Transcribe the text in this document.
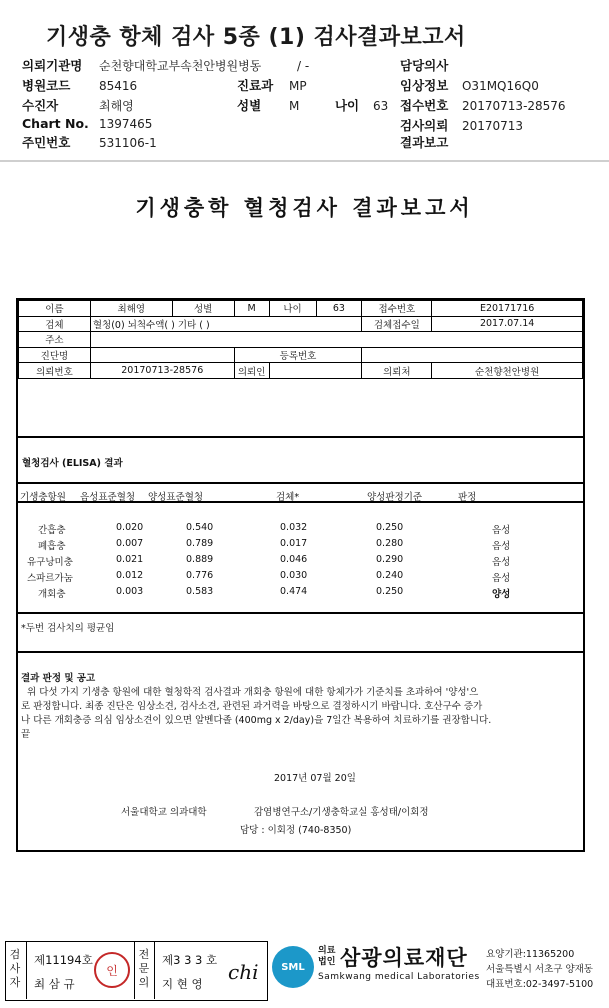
기생충 항체 검사 5종 (1) 검사결과보고서
의뢰기관명 순천향대학교부속천안병원병동	/ -	담당의사
병원코드 85416	진료과 MP	임상정보 O31MQ16Q0
수진자	최해영	성별 M	나이 63 접수번호 20170713-28576
Chart No. 1397465	검사의뢰 20170713
주민번호 531106-1	결과보고
기생충학 혈청검사 결과보고서
이름	최해영	성별	M	나이	63	접수번호	E20171716
검체	혈청(0) 뇌척수액( ) 기타 ( )					검체접수일	2017.07.14
주소							
진단명			등록번호				
의뢰번호	20170713-28576		의뢰인			의뢰처	순천향천안병원
혈청검사 (ELISA) 결과
기생충항원 음성표준혈청 양성표준혈청	검체*	양성판정기준	판정
간흡충	0.020	0.540	0.032	0.250	음성
폐흡충	0.007	0.789	0.017	0.280	음성
유구낭미충	0.021	0.889	0.046	0.290	음성
스파르가눔	0.012	0.776	0.030	0.240	음성
개회충	0.003	0.583	0.474	0.250	양성
*두번 검사치의 평균임
결과 판정 및 공고
위 다섯 가지 기생충 항원에 대한 혈청학적 검사결과 개회충 항원에 대한 항체가가 기준치를 초과하여 '양성'으
로 판정합니다. 최종 진단은 임상소견, 검사소견, 관련된 과거력을 바탕으로 결정하시기 바랍니다. 호산구수 증가
나 다른 개회충증 의심 임상소견이 있으면 알벤다졸 (400mg x 2/day)을 7일간 복용하여 치료하기를 권장합니다.
끝
2017년 07월 20일
서울대학교 의과대학	감염병연구소/기생충학교실 홍성태/이회정
담당 : 이회정 (740-8350)
검사자
제11194호
최 삼 규
인
전문의
제3 3 3 호
지 현 영 chi SML
의료
법인 삼광의료재단
Samkwang medical Laboratories
요양기관:11365200
서울특별시 서초구 양재동
대표번호:02-3497-5100
